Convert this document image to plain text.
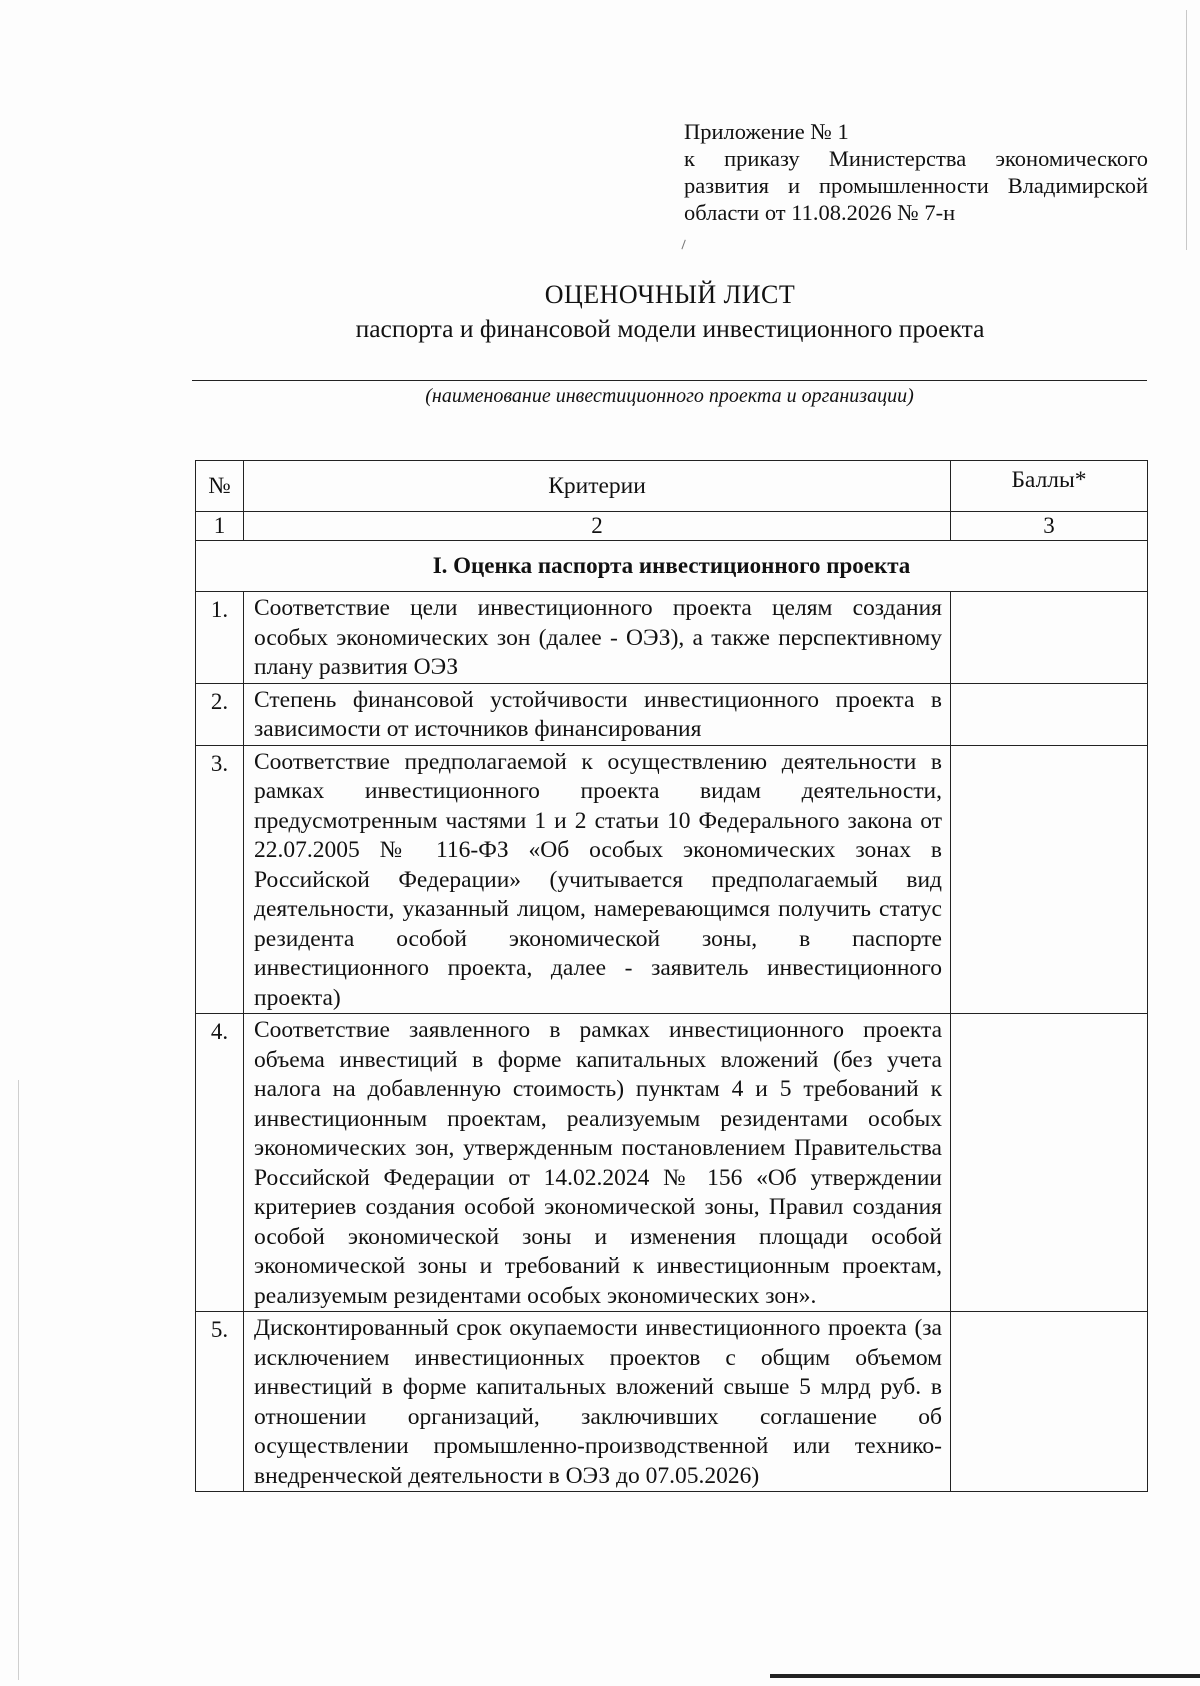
Приложение № 1
к приказу Министерства экономического развития и промышленности Владимирской области от 11.08.2026 № 7-н
ОЦЕНОЧНЫЙ ЛИСТ
паспорта и финансовой модели инвестиционного проекта
(наименование инвестиционного проекта и организации)
№	Критерии	Баллы*
1	2	3
I. Оценка паспорта инвестиционного проекта		
1.	Соответствие цели инвестиционного проекта целям создания особых экономических зон (далее - ОЭЗ), а также перспективному плану развития ОЭЗ	
2.	Степень финансовой устойчивости инвестиционного проекта в зависимости от источников финансирования	
3.	Соответствие предполагаемой к осуществлению деятельности в рамках инвестиционного проекта видам деятельности, предусмотренным частями 1 и 2 статьи 10 Федерального закона от 22.07.2005 № 116-ФЗ «Об особых экономических зонах в Российской Федерации» (учитывается предполагаемый вид деятельности, указанный лицом, намеревающимся получить статус резидента особой экономической зоны, в паспорте инвестиционного проекта, далее - заявитель инвестиционного проекта)	
4.	Соответствие заявленного в рамках инвестиционного проекта объема инвестиций в форме капитальных вложений (без учета налога на добавленную стоимость) пунктам 4 и 5 требований к инвестиционным проектам, реализуемым резидентами особых экономических зон, утвержденным постановлением Правительства Российской Федерации от 14.02.2024 № 156 «Об утверждении критериев создания особой экономической зоны, Правил создания особой экономической зоны и изменения площади особой экономической зоны и требований к инвестиционным проектам, реализуемым резидентами особых экономических зон».	
5.	Дисконтированный срок окупаемости инвестиционного проекта (за исключением инвестиционных проектов с общим объемом инвестиций в форме капитальных вложений свыше 5 млрд руб. в отношении организаций, заключивших соглашение об осуществлении промышленно-производственной или технико-внедренческой деятельности в ОЭЗ до 07.05.2026)	
